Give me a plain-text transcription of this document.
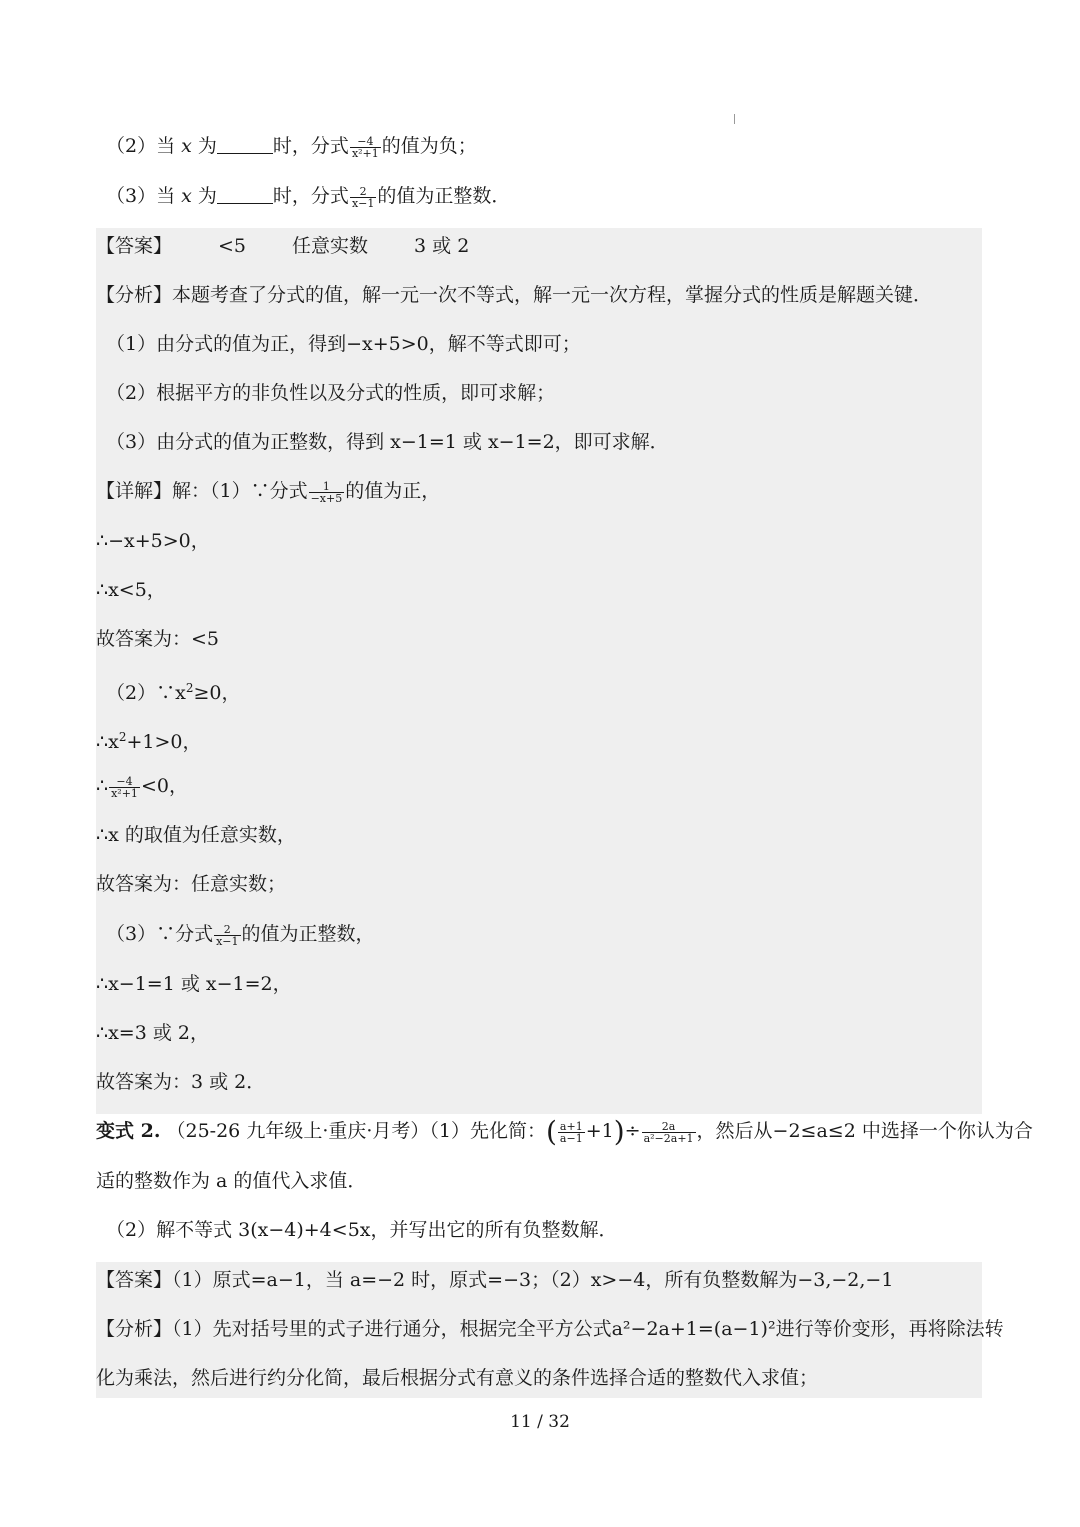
（2）当 x 为	时，分式 $\frac{-4}{\text{x²+1}}$ 的值为负；
（3）当 x 为	时，分式 $\frac{2}{x-1}$ 的值为正整数．
【答案】 <5 任意实数 3 或 2
【分析】本题考查了分式的值，解一元一次不等式，解一元一次方程，掌握分式的性质是解题关键．
（1）由分式的值为正，得到−x+5>0，解不等式即可；
（2）根据平方的非负性以及分式的性质，即可求解；
（3）由分式的值为正整数，得到 x−1=1 或 x−1=2，即可求解．
【详解】解：（1）∵分式 $\frac{1}{-x+5}$ 的值为正，
∴−x+5>0，
∴x<5，
故答案为：<5
$(2)\because x^2\ge 0$，
$\therefore x^2+1>0$，
∴ $\frac{-4}{\text{x²+1}} <0$，
∴x 的取值为任意实数，
故答案为：任意实数；
（3）∵分式 $\frac{2}{x-1}$ 的值为正整数，
∴x−1=1 或 x−1=2，
∴x=3 或 2，
故答案为：3 或 2．
变式 2. （25-26 九年级上·重庆·月考）（1）先化简：( $\frac{a+1}{a-1} +1)\div \frac{2a}{\text{a²−2a+1}}$ ，然后从−2≤a≤2 中选择一个你认为合
适的整数作为 a 的值代入求值．
（2）解不等式 3(x−4)+4<5x，并写出它的所有负整数解．
【答案】（1）原式=a−1，当 a=−2 时，原式=−3；（2）x>−4，所有负整数解为−3,−2,−1
【分析】（1）先对括号里的式子进行通分，根据完全平方公式a²−2a+1=(a−1)²进行等价变形，再将除法转
化为乘法，然后进行约分化简，最后根据分式有意义的条件选择合适的整数代入求值；
11 / 32
